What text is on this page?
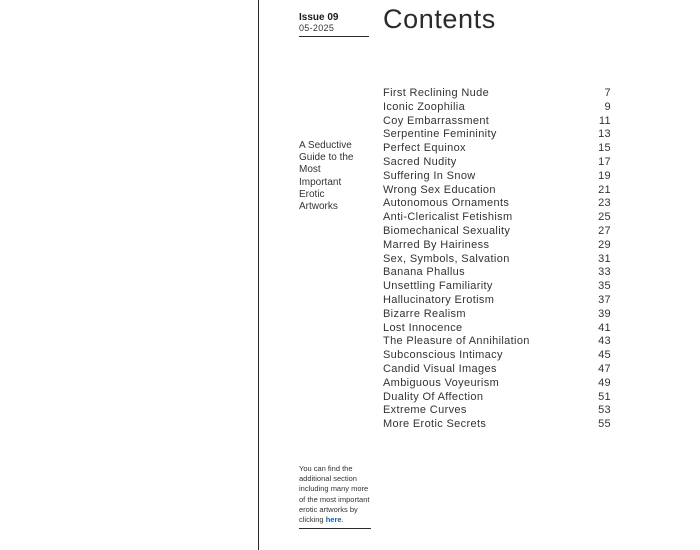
Issue 09
05-2025	Contents
A Seductive Guide to the Most Important Erotic Artworks
First Reclining Nude	7
Iconic Zoophilia	9
Coy Embarrassment	11
Serpentine Femininity	13
Perfect Equinox	15
Sacred Nudity	17
Suffering In Snow	19
Wrong Sex Education	21
Autonomous Ornaments	23
Anti-Clericalist Fetishism	25
Biomechanical Sexuality	27
Marred By Hairiness	29
Sex, Symbols, Salvation	31
Banana Phallus	33
Unsettling Familiarity	35
Hallucinatory Erotism	37
Bizarre Realism	39
Lost Innocence	41
The Pleasure of Annihilation	43
Subconscious Intimacy	45
Candid Visual Images	47
Ambiguous Voyeurism	49
Duality Of Affection	51
Extreme Curves	53
More Erotic Secrets	55
You can find the additional section including many more of the most important erotic artworks by clicking here.
